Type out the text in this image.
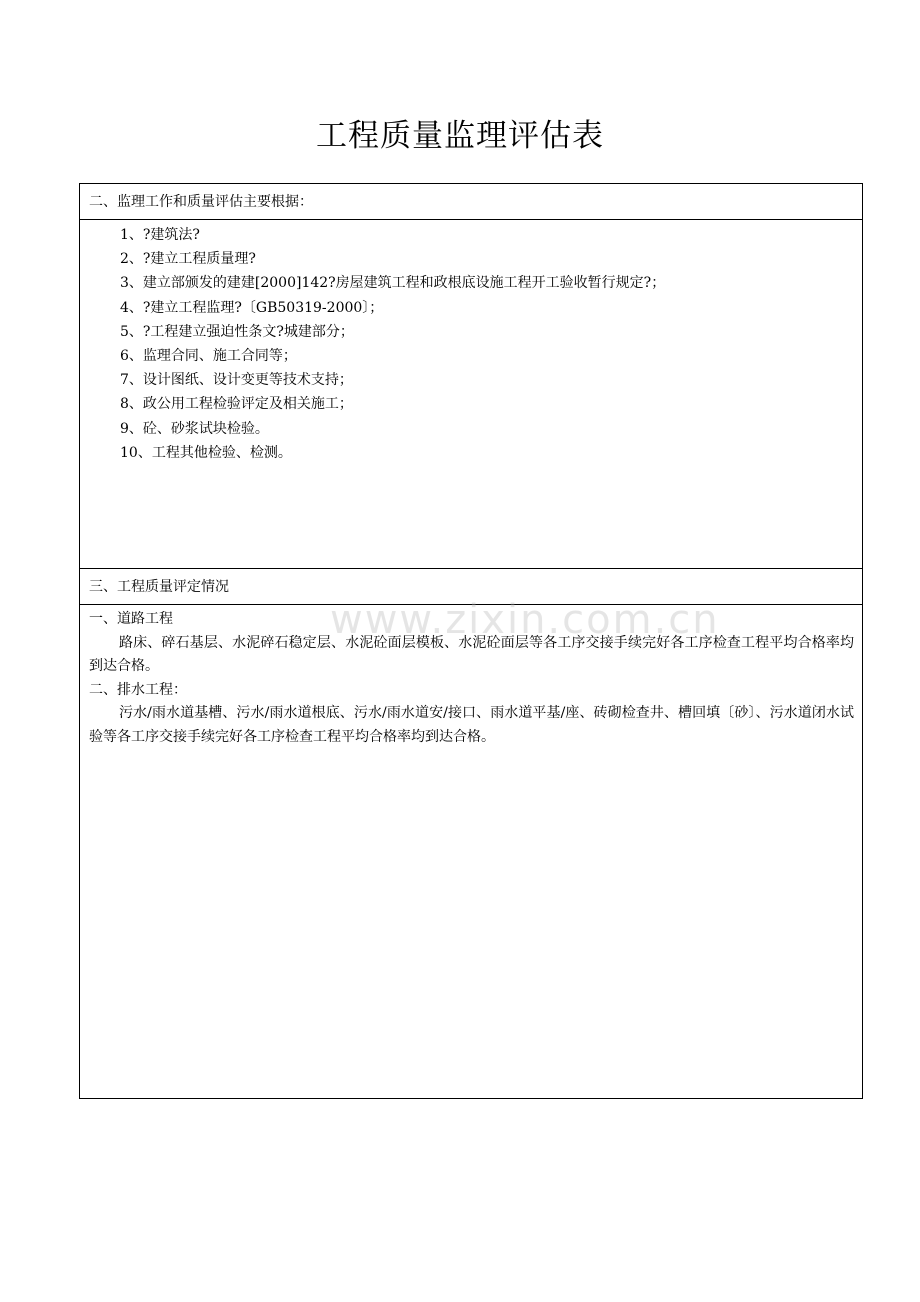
工程质量监理评估表
二、监理工作和质量评估主要根据：
1、?建筑法?
2、?建立工程质量理?
3、建立部颁发的建建[2000]142?房屋建筑工程和政根底设施工程开工验收暂行规定?；
4、?建立工程监理?〔GB50319-2000〕；
5、?工程建立强迫性条文?城建部分；
6、监理合同、施工合同等；
7、设计图纸、设计变更等技术支持；
8、政公用工程检验评定及相关施工；
9、砼、砂浆试块检验。
10、工程其他检验、检测。
三、工程质量评定情况
一、道路工程
路床、碎石基层、水泥碎石稳定层、水泥砼面层模板、水泥砼面层等各工序交接手续完好各工序检查工程平均合格率均到达合格。
二、排水工程：
污水/雨水道基槽、污水/雨水道根底、污水/雨水道安/接口、雨水道平基/座、砖砌检查井、槽回填〔砂〕、污水道闭水试验等各工序交接手续完好各工序检查工程平均合格率均到达合格。
www.zixin.com.cn
